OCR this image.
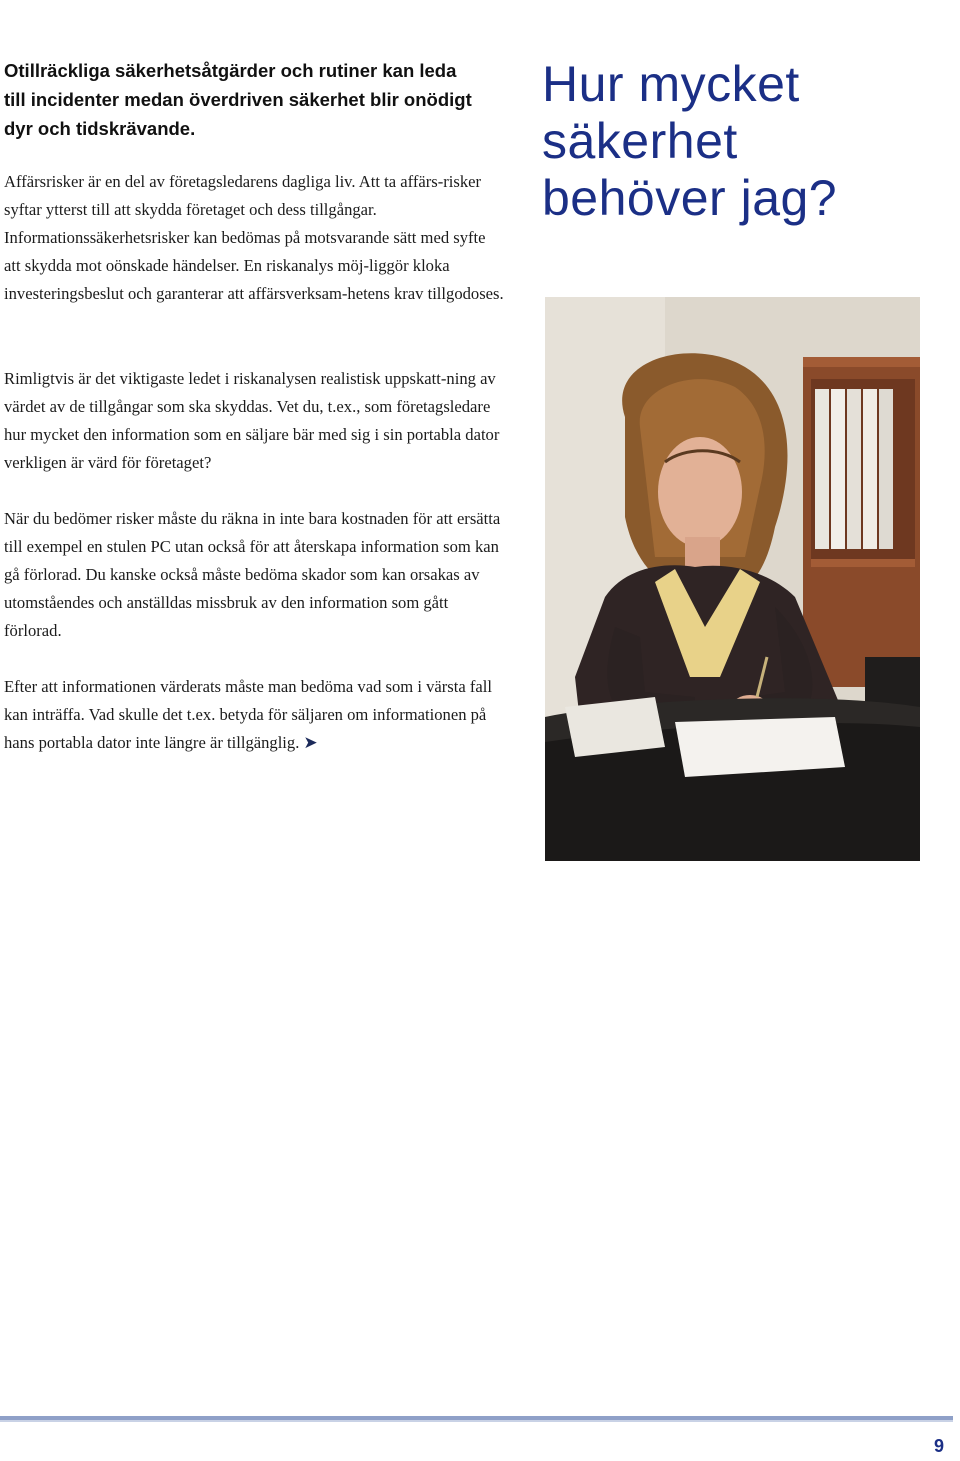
Otillräckliga säkerhetsåtgärder och rutiner kan leda till incidenter medan överdriven säkerhet blir onödigt dyr och tidskrävande.

Affärsrisker är en del av företagsledarens dagliga liv. Att ta affärs-risker syftar ytterst till att skydda företaget och dess tillgångar. Informationssäkerhetsrisker kan bedömas på motsvarande sätt med syfte att skydda mot oönskade händelser. En riskanalys möj-liggör kloka investeringsbeslut och garanterar att affärsverksam-hetens krav tillgodoses.

Rimligtvis är det viktigaste ledet i riskanalysen realistisk uppskatt-ning av värdet av de tillgångar som ska skyddas. Vet du, t.ex., som företagsledare hur mycket den information som en säljare bär med sig i sin portabla dator verkligen är värd för företaget?

När du bedömer risker måste du räkna in inte bara kostnaden för att ersätta till exempel en stulen PC utan också för att återskapa information som kan gå förlorad. Du kanske också måste bedöma skador som kan orsakas av utomståendes och anställdas missbruk av den information som gått förlorad.

Efter att informationen värderats måste man bedöma vad som i värsta fall kan inträffa. Vad skulle det t.ex. betyda för säljaren om informationen på hans portabla dator inte längre är tillgänglig. ➤

Hur mycket
säkerhet
behöver jag?

9
